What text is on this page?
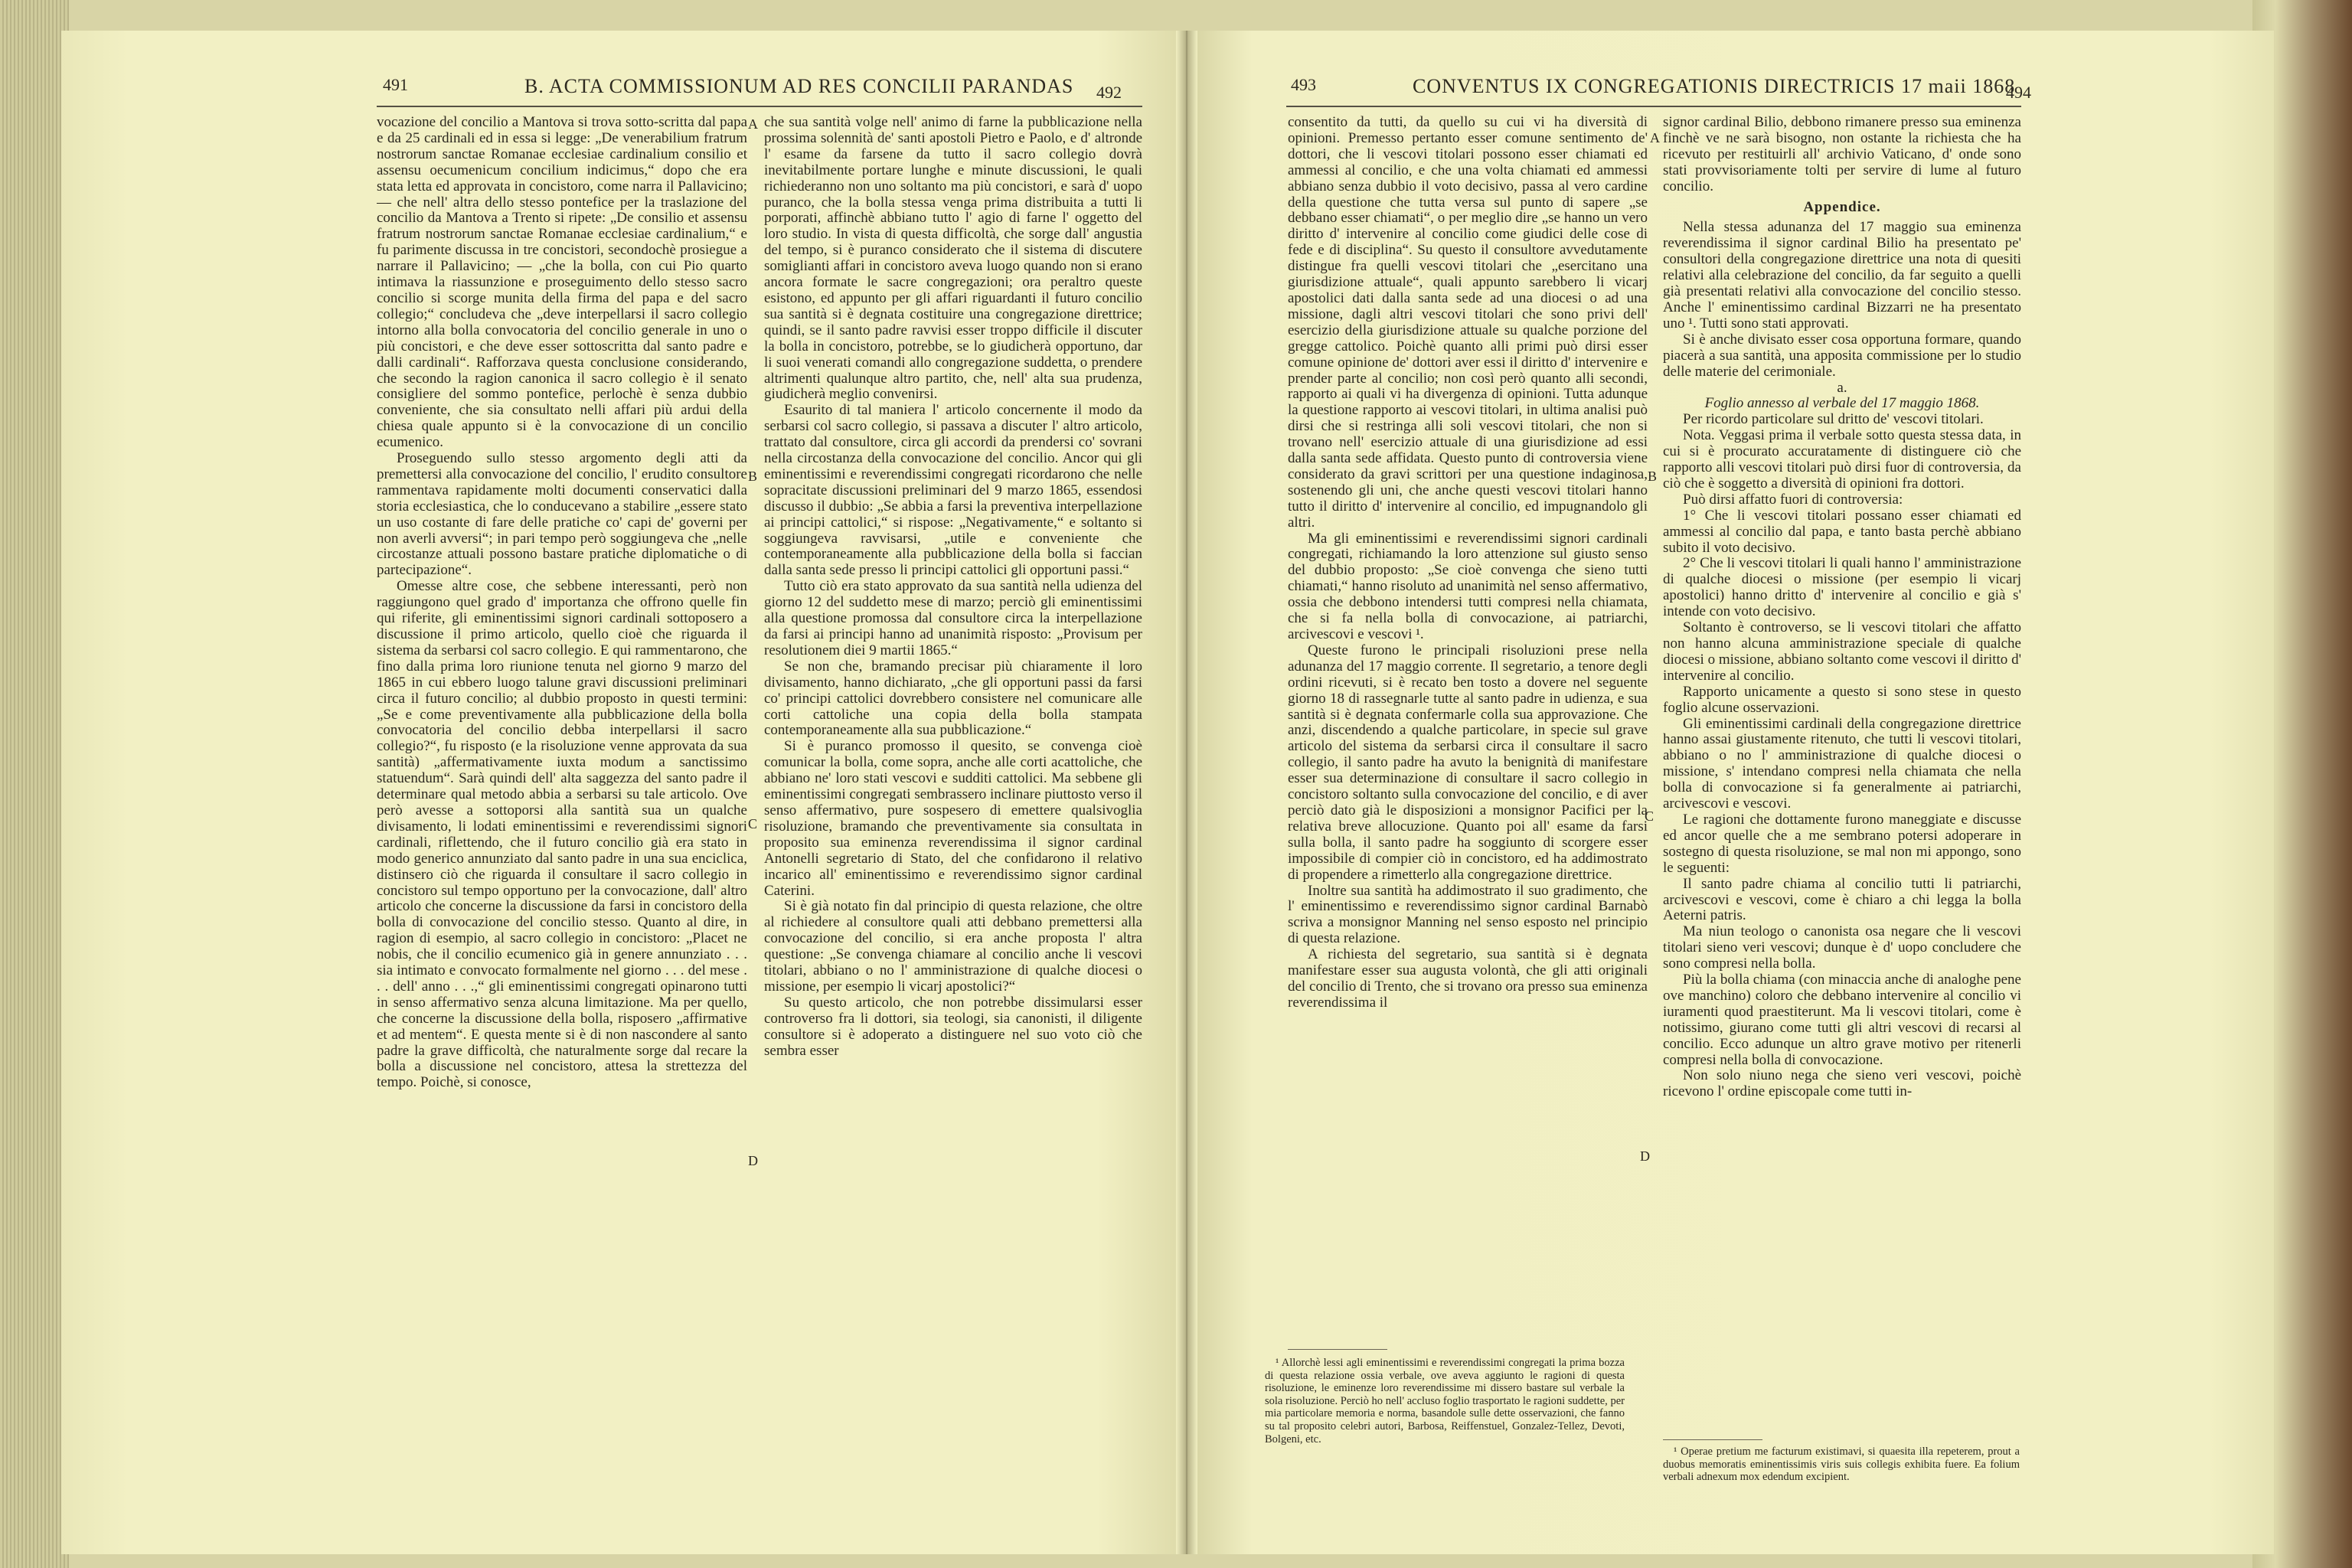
491	B. ACTA COMMISSIONUM AD RES CONCILII PARANDAS 492	493	CONVENTUS IX CONGREGATIONIS DIRECTRICIS 17 maii 1868
494

vocazione del concilio a Mantova si trova sotto-scritta dal papa e da 25 cardinali ed in essa si legge: „De venerabilium fratrum nostrorum sanctae Romanae ecclesiae cardinalium consilio et assensu oecumenicum concilium indicimus,“ dopo che era stata letta ed approvata in concistoro, come narra il Pallavicino; — che nell' altra dello stesso pontefice per la traslazione del concilio da Mantova a Trento si ripete: „De consilio et assensu fratrum nostrorum sanctae Romanae ecclesiae cardinalium,“ e fu parimente discussa in tre concistori, secondochè prosiegue a narrare il Pallavicino; — „che la bolla, con cui Pio quarto intimava la riassunzione e proseguimento dello stesso sacro concilio si scorge munita della firma del papa e del sacro collegio;“ concludeva che „deve interpellarsi il sacro collegio intorno alla bolla convocatoria del concilio generale in uno o più concistori, e che deve esser sottoscritta dal santo padre e dalli cardinali“. Rafforzava questa conclusione considerando, che secondo la ragion canonica il sacro collegio è il senato consigliere del sommo pontefice, perlochè è senza dubbio conveniente, che sia consultato nelli affari più ardui della chiesa quale appunto si è la convocazione di un concilio ecumenico.

Proseguendo sullo stesso argomento degli atti da premettersi alla convocazione del concilio, l' erudito consultore rammentava rapidamente molti documenti conservatici dalla storia ecclesiastica, che lo conducevano a stabilire „essere stato un uso costante di fare delle pratiche co' capi de' governi per non averli avversi“; in pari tempo però soggiungeva che „nelle circostanze attuali possono bastare pratiche diplomatiche o di partecipazione“.

Omesse altre cose, che sebbene interessanti, però non raggiungono quel grado d' importanza che offrono quelle fin qui riferite, gli eminentissimi signori cardinali sottoposero a discussione il primo articolo, quello cioè che riguarda il sistema da serbarsi col sacro collegio. E qui rammentarono, che fino dalla prima loro riunione tenuta nel giorno 9 marzo del 1865 in cui ebbero luogo talune gravi discussioni preliminari circa il futuro concilio; al dubbio proposto in questi termini: „Se e come preventivamente alla pubblicazione della bolla convocatoria del concilio debba interpellarsi il sacro collegio?“, fu risposto (e la risoluzione venne approvata da sua santità) „affermativamente iuxta modum a sanctissimo statuendum“. Sarà quindi dell' alta saggezza del santo padre il determinare qual metodo abbia a serbarsi su tale articolo. Ove però avesse a sottoporsi alla santità sua un qualche divisamento, li lodati eminentissimi e reverendissimi signori cardinali, riflettendo, che il futuro concilio già era stato in modo generico annunziato dal santo padre in una sua enciclica, distinsero ciò che riguarda il consultare il sacro collegio in concistoro sul tempo opportuno per la convocazione, dall' altro articolo che concerne la discussione da farsi in concistoro della bolla di convocazione del concilio stesso. Quanto al dire, in ragion di esempio, al sacro collegio in concistoro: „Placet ne nobis, che il concilio ecumenico già in genere annunziato . . . sia intimato e convocato formalmente nel giorno . . . del mese . . . dell' anno . . .,“ gli eminentissimi congregati opinarono tutti in senso affermativo senza alcuna limitazione. Ma per quello, che concerne la discussione della bolla, risposero „affirmative et ad mentem“. E questa mente si è di non nascondere al santo padre la grave difficoltà, che naturalmente sorge dal recare la bolla a discussione nel concistoro, attesa la strettezza del tempo. Poichè, si conosce,

A
B
C
D

che sua santità volge nell' animo di farne la pubblicazione nella prossima solennità de' santi apostoli Pietro e Paolo, e d' altronde l' esame da farsene da tutto il sacro collegio dovrà inevitabilmente portare lunghe e minute discussioni, le quali richiederanno non uno soltanto ma più concistori, e sarà d' uopo puranco, che la bolla stessa venga prima distribuita a tutti li porporati, affinchè abbiano tutto l' agio di farne l' oggetto del loro studio. In vista di questa difficoltà, che sorge dall' angustia del tempo, si è puranco considerato che il sistema di discutere somiglianti affari in concistoro aveva luogo quando non si erano ancora formate le sacre congregazioni; ora peraltro queste esistono, ed appunto per gli affari riguardanti il futuro concilio sua santità si è degnata costituire una congregazione direttrice; quindi, se il santo padre ravvisi esser troppo difficile il discuter la bolla in concistoro, potrebbe, se lo giudicherà opportuno, dar li suoi venerati comandi allo congregazione suddetta, o prendere altrimenti qualunque altro partito, che, nell' alta sua prudenza, giudicherà meglio convenirsi.

Esaurito di tal maniera l' articolo concernente il modo da serbarsi col sacro collegio, si passava a discuter l' altro articolo, trattato dal consultore, circa gli accordi da prendersi co' sovrani nella circostanza della convocazione del concilio. Ancor qui gli eminentissimi e reverendissimi congregati ricordarono che nelle sopracitate discussioni preliminari del 9 marzo 1865, essendosi discusso il dubbio: „Se abbia a farsi la preventiva interpellazione ai principi cattolici,“ si rispose: „Negativamente,“ e soltanto si soggiungeva ravvisarsi, „utile e conveniente che contemporaneamente alla pubblicazione della bolla si faccian dalla santa sede presso li principi cattolici gli opportuni passi.“

Tutto ciò era stato approvato da sua santità nella udienza del giorno 12 del suddetto mese di marzo; perciò gli eminentissimi alla questione promossa dal consultore circa la interpellazione da farsi ai principi hanno ad unanimità risposto: „Provisum per resolutionem diei 9 martii 1865.“

Se non che, bramando precisar più chiaramente il loro divisamento, hanno dichiarato, „che gli opportuni passi da farsi co' principi cattolici dovrebbero consistere nel comunicare alle corti cattoliche una copia della bolla stampata contemporaneamente alla sua pubblicazione.“

Si è puranco promosso il quesito, se convenga cioè comunicar la bolla, come sopra, anche alle corti acattoliche, che abbiano ne' loro stati vescovi e sudditi cattolici. Ma sebbene gli eminentissimi congregati sembrassero inclinare piuttosto verso il senso affermativo, pure sospesero di emettere qualsivoglia risoluzione, bramando che preventivamente sia consultata in proposito sua eminenza reverendissima il signor cardinal Antonelli segretario di Stato, del che confidarono il relativo incarico all' eminentissimo e reverendissimo signor cardinal Caterini.

Si è già notato fin dal principio di questa relazione, che oltre al richiedere al consultore quali atti debbano premettersi alla convocazione del concilio, si era anche proposta l' altra questione: „Se convenga chiamare al concilio anche li vescovi titolari, abbiano o no l' amministrazione di qualche diocesi o missione, per esempio li vicarj apostolici?“

Su questo articolo, che non potrebbe dissimularsi esser controverso fra li dottori, sia teologi, sia canonisti, il diligente consultore si è adoperato a distinguere nel suo voto ciò che sembra esser

consentito da tutti, da quello su cui vi ha diversità di opinioni. Premesso pertanto esser comune sentimento de' dottori, che li vescovi titolari possono esser chiamati ed ammessi al concilio, e che una volta chiamati ed ammessi abbiano senza dubbio il voto decisivo, passa al vero cardine della questione che tutta versa sul punto di sapere „se debbano esser chiamati“, o per meglio dire „se hanno un vero diritto d' intervenire al concilio come giudici delle cose di fede e di disciplina“. Su questo il consultore avvedutamente distingue fra quelli vescovi titolari che „esercitano una giurisdizione attuale“, quali appunto sarebbero li vicarj apostolici dati dalla santa sede ad una diocesi o ad una missione, dagli altri vescovi titolari che sono privi dell' esercizio della giurisdizione attuale su qualche porzione del gregge cattolico. Poichè quanto alli primi può dirsi esser comune opinione de' dottori aver essi il diritto d' intervenire e prender parte al concilio; non così però quanto alli secondi, rapporto ai quali vi ha divergenza di opinioni. Tutta adunque la questione rapporto ai vescovi titolari, in ultima analisi può dirsi che si restringa alli soli vescovi titolari, che non si trovano nell' esercizio attuale di una giurisdizione ad essi dalla santa sede affidata. Questo punto di controversia viene considerato da gravi scrittori per una questione indaginosa, sostenendo gli uni, che anche questi vescovi titolari hanno tutto il diritto d' intervenire al concilio, ed impugnandolo gli altri.

Ma gli eminentissimi e reverendissimi signori cardinali congregati, richiamando la loro attenzione sul giusto senso del dubbio proposto: „Se cioè convenga che sieno tutti chiamati,“ hanno risoluto ad unanimità nel senso affermativo, ossia che debbono intendersi tutti compresi nella chiamata, che si fa nella bolla di convocazione, ai patriarchi, arcivescovi e vescovi ¹.

Queste furono le principali risoluzioni prese nella adunanza del 17 maggio corrente. Il segretario, a tenore degli ordini ricevuti, si è recato ben tosto a dovere nel seguente giorno 18 di rassegnarle tutte al santo padre in udienza, e sua santità si è degnata confermarle colla sua approvazione. Che anzi, discendendo a qualche particolare, in specie sul grave articolo del sistema da serbarsi circa il consultare il sacro collegio, il santo padre ha avuto la benignità di manifestare esser sua determinazione di consultare il sacro collegio in concistoro soltanto sulla convocazione del concilio, e di aver perciò dato già le disposizioni a monsignor Pacifici per la relativa breve allocuzione. Quanto poi all' esame da farsi sulla bolla, il santo padre ha soggiunto di scorgere esser impossibile di compier ciò in concistoro, ed ha addimostrato di propendere a rimetterlo alla congregazione direttrice.

Inoltre sua santità ha addimostrato il suo gradimento, che l' eminentissimo e reverendissimo signor cardinal Barnabò scriva a monsignor Manning nel senso esposto nel principio di questa relazione.

A richiesta del segretario, sua santità si è degnata manifestare esser sua augusta volontà, che gli atti originali del concilio di Trento, che si trovano ora presso sua eminenza reverendissima il

A
B
C
D

¹ Allorchè lessi agli eminentissimi e reverendissimi congregati la prima bozza di questa relazione ossia verbale, ove aveva aggiunto le ragioni di questa risoluzione, le eminenze loro reverendissime mi dissero bastare sul verbale la sola risoluzione. Perciò ho nell' accluso foglio trasportato le ragioni suddette, per mia particolare memoria e norma, basandole sulle dette osservazioni, che fanno su tal proposito celebri autori, Barbosa, Reiffenstuel, Gonzalez-Tellez, Devoti, Bolgeni, etc.

signor cardinal Bilio, debbono rimanere presso sua eminenza finchè ve ne sarà bisogno, non ostante la richiesta che ha ricevuto per restituirli all' archivio Vaticano, d' onde sono stati provvisoriamente tolti per servire di lume al futuro concilio.

Appendice.

Nella stessa adunanza del 17 maggio sua eminenza reverendissima il signor cardinal Bilio ha presentato pe' consultori della congregazione direttrice una nota di quesiti relativi alla celebrazione del concilio, da far seguito a quelli già presentati relativi alla convocazione del concilio stesso. Anche l' eminentissimo cardinal Bizzarri ne ha presentato uno ¹. Tutti sono stati approvati.

Si è anche divisato esser cosa opportuna formare, quando piacerà a sua santità, una apposita commissione per lo studio delle materie del cerimoniale.

a.

Foglio annesso al verbale del 17 maggio 1868.

Per ricordo particolare sul dritto de' vescovi titolari.

Nota. Veggasi prima il verbale sotto questa stessa data, in cui si è procurato accuratamente di distinguere ciò che rapporto alli vescovi titolari può dirsi fuor di controversia, da ciò che è soggetto a diversità di opinioni fra dottori.

Può dirsi affatto fuori di controversia:

1° Che li vescovi titolari possano esser chiamati ed ammessi al concilio dal papa, e tanto basta perchè abbiano subito il voto decisivo.

2° Che li vescovi titolari li quali hanno l' amministrazione di qualche diocesi o missione (per esempio li vicarj apostolici) hanno dritto d' intervenire al concilio e già s' intende con voto decisivo.

Soltanto è controverso, se li vescovi titolari che affatto non hanno alcuna amministrazione speciale di qualche diocesi o missione, abbiano soltanto come vescovi il diritto d' intervenire al concilio.

Rapporto unicamente a questo si sono stese in questo foglio alcune osservazioni.

Gli eminentissimi cardinali della congregazione direttrice hanno assai giustamente ritenuto, che tutti li vescovi titolari, abbiano o no l' amministrazione di qualche diocesi o missione, s' intendano compresi nella chiamata che nella bolla di convocazione si fa generalmente ai patriarchi, arcivescovi e vescovi.

Le ragioni che dottamente furono maneggiate e discusse ed ancor quelle che a me sembrano potersi adoperare in sostegno di questa risoluzione, se mal non mi appongo, sono le seguenti:

Il santo padre chiama al concilio tutti li patriarchi, arcivescovi e vescovi, come è chiaro a chi legga la bolla Aeterni patris.

Ma niun teologo o canonista osa negare che li vescovi titolari sieno veri vescovi; dunque è d' uopo concludere che sono compresi nella bolla.

Più la bolla chiama (con minaccia anche di analoghe pene ove manchino) coloro che debbano intervenire al concilio vi iuramenti quod praestiterunt. Ma li vescovi titolari, come è notissimo, giurano come tutti gli altri vescovi di recarsi al concilio. Ecco adunque un altro grave motivo per ritenerli compresi nella bolla di convocazione.

Non solo niuno nega che sieno veri vescovi, poichè ricevono l' ordine episcopale come tutti in-

¹ Operae pretium me facturum existimavi, si quaesita illa repeterem, prout a duobus memoratis eminentissimis viris suis collegis exhibita fuere. Ea folium verbali adnexum mox edendum excipient.
